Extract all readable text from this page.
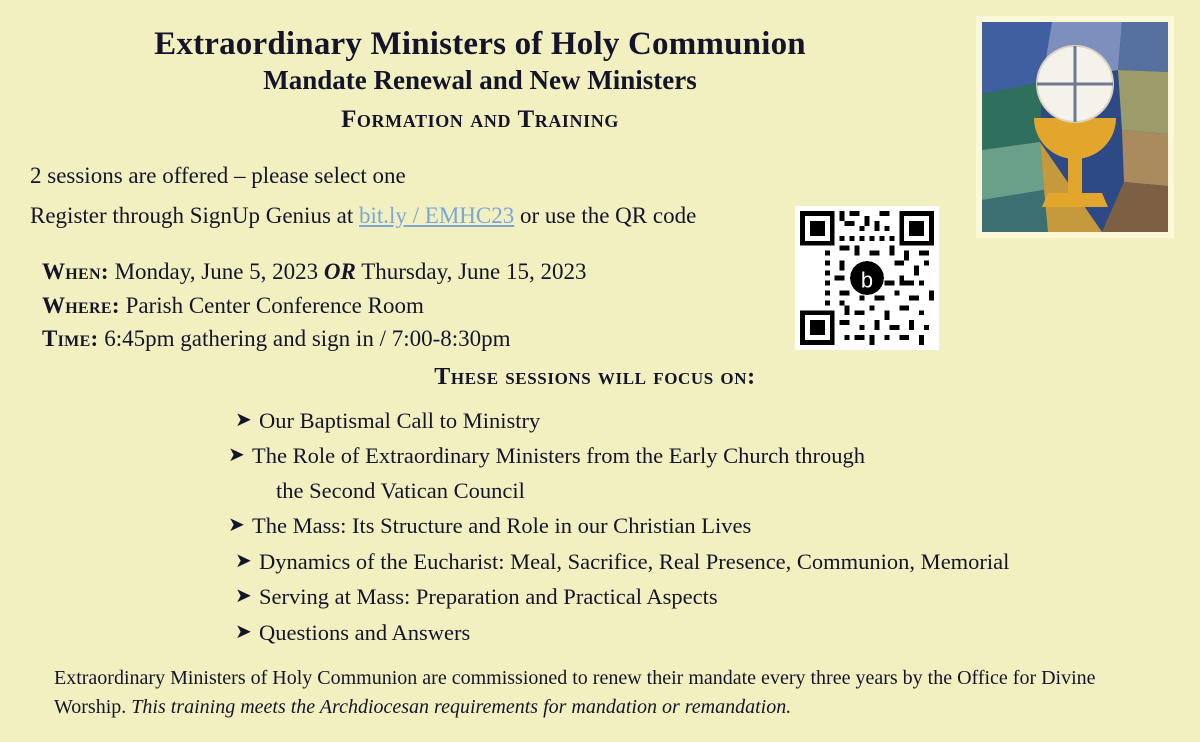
Extraordinary Ministers of Holy Communion
Mandate Renewal and New Ministers
Formation and Training
2 sessions are offered – please select one
Register through SignUp Genius at bit.ly / EMHC23 or use the QR code
When: Monday, June 5, 2023 OR Thursday, June 15, 2023
Where: Parish Center Conference Room
Time: 6:45pm gathering and sign in / 7:00-8:30pm
b
These sessions will focus on:
➤ Our Baptismal Call to Ministry
➤ The Role of Extraordinary Ministers from the Early Church through
the Second Vatican Council
➤ The Mass: Its Structure and Role in our Christian Lives
➤ Dynamics of the Eucharist: Meal, Sacrifice, Real Presence, Communion, Memorial
➤ Serving at Mass: Preparation and Practical Aspects
➤ Questions and Answers
Extraordinary Ministers of Holy Communion are commissioned to renew their mandate every three years by the Office for Divine Worship. This training meets the Archdiocesan requirements for mandation or remandation.
